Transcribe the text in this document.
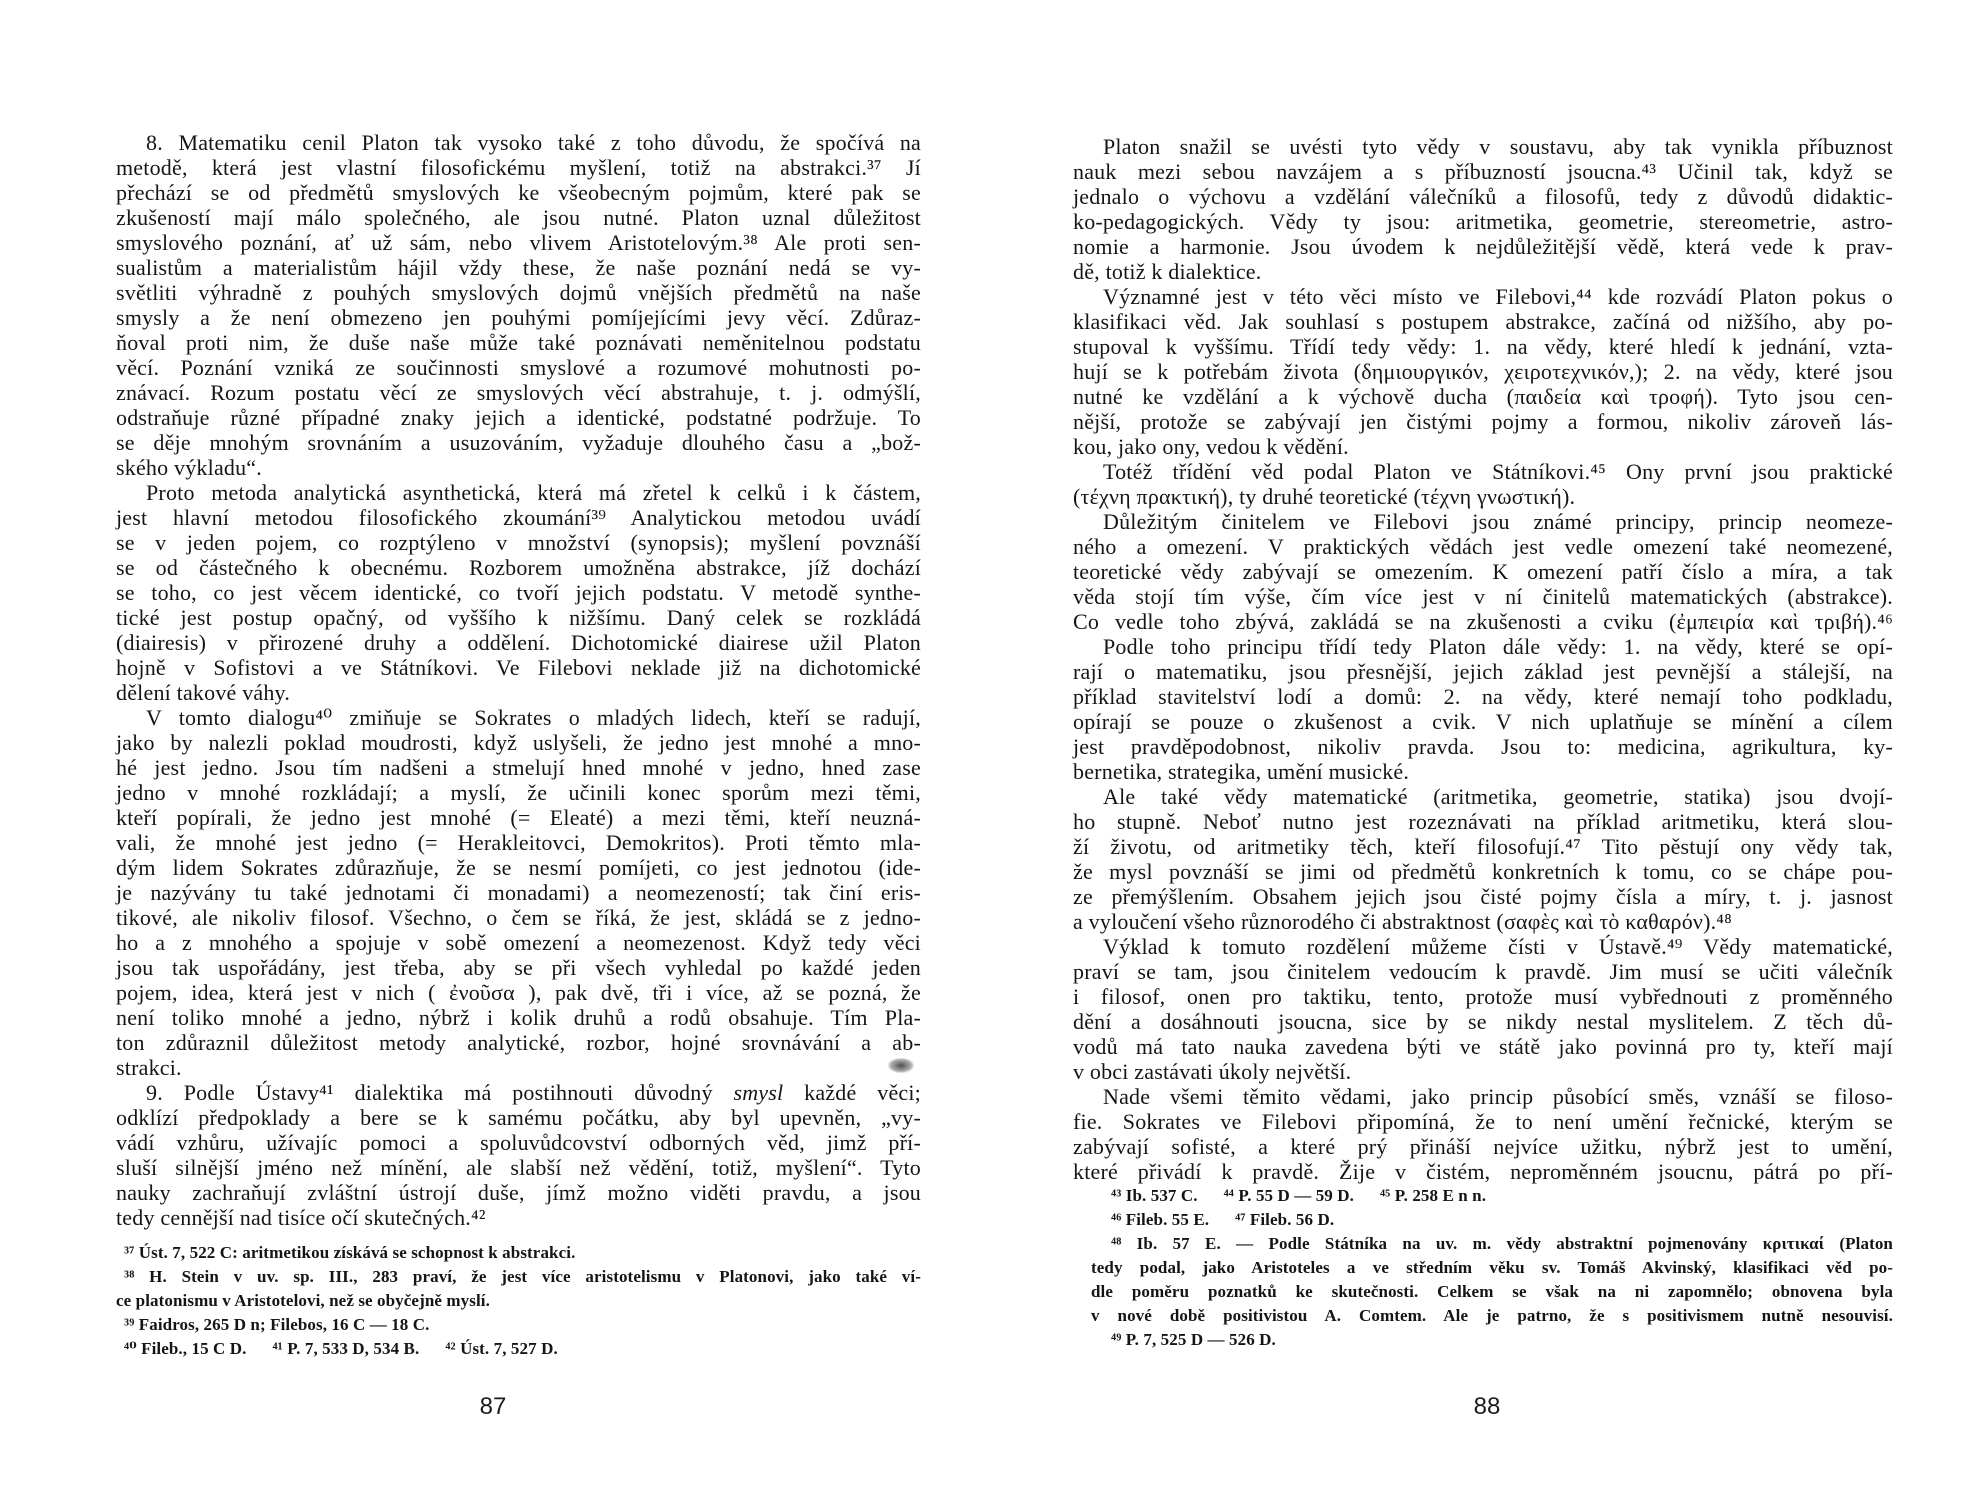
8. Matematiku cenil Platon tak vysoko také z toho důvodu, že spočívá na
metodě, která jest vlastní filosofickému myšlení, totiž na abstrakci.³⁷ Jí
přechází se od předmětů smyslových ke všeobecným pojmům, které pak se
zkušeností mají málo společného, ale jsou nutné. Platon uznal důležitost
smyslového poznání, ať už sám, nebo vlivem Aristotelovým.³⁸ Ale proti sen-
sualistům a materialistům hájil vždy these, že naše poznání nedá se vy-
světliti výhradně z pouhých smyslových dojmů vnějších předmětů na naše
smysly a že není obmezeno jen pouhými pomíjejícími jevy věcí. Zdůraz-
ňoval proti nim, že duše naše může také poznávati neměnitelnou podstatu
věcí. Poznání vzniká ze součinnosti smyslové a rozumové mohutnosti po-
znávací. Rozum postatu věcí ze smyslových věcí abstrahuje, t. j. odmýšlí,
odstraňuje různé případné znaky jejich a identické, podstatné podržuje. To
se děje mnohým srovnáním a usuzováním, vyžaduje dlouhého času a „bož-
ského výkladu“.
Proto metoda analytická asynthetická, která má zřetel k celků i k částem,
jest hlavní metodou filosofického zkoumání³⁹ Analytickou metodou uvádí
se v jeden pojem, co rozptýleno v množství (synopsis); myšlení povznáší
se od částečného k obecnému. Rozborem umožněna abstrakce, jíž dochází
se toho, co jest věcem identické, co tvoří jejich podstatu. V metodě synthe-
tické jest postup opačný, od vyššího k nižšímu. Daný celek se rozkládá
(diairesis) v přirozené druhy a oddělení. Dichotomické diairese užil Platon
hojně v Sofistovi a ve Státníkovi. Ve Filebovi neklade již na dichotomické
dělení takové váhy.
V tomto dialogu⁴⁰ zmiňuje se Sokrates o mladých lidech, kteří se radují,
jako by nalezli poklad moudrosti, když uslyšeli, že jedno jest mnohé a mno-
hé jest jedno. Jsou tím nadšeni a stmelují hned mnohé v jedno, hned zase
jedno v mnohé rozkládají; a myslí, že učinili konec sporům mezi těmi,
kteří popírali, že jedno jest mnohé (= Eleaté) a mezi těmi, kteří neuzná-
vali, že mnohé jest jedno (= Herakleitovci, Demokritos). Proti těmto mla-
dým lidem Sokrates zdůrazňuje, že se nesmí pomíjeti, co jest jednotou (ide-
je nazývány tu také jednotami či monadami) a neomezeností; tak činí eris-
tikové, ale nikoliv filosof. Všechno, o čem se říká, že jest, skládá se z jedno-
ho a z mnohého a spojuje v sobě omezení a neomezenost. Když tedy věci
jsou tak uspořádány, jest třeba, aby se při všech vyhledal po každé jeden
pojem, idea, která jest v nich ( ἐνοῦσα ), pak dvě, tři i více, až se pozná, že
není toliko mnohé a jedno, nýbrž i kolik druhů a rodů obsahuje. Tím Pla-
ton zdůraznil důležitost metody analytické, rozbor, hojné srovnávání a ab-
strakci.
9. Podle Ústavy⁴¹ dialektika má postihnouti důvodný smysl každé věci;
odklízí předpoklady a bere se k samému počátku, aby byl upevněn, „vy-
vádí vzhůru, užívajíc pomoci a spoluvůdcovství odborných věd, jimž pří-
sluší silnější jméno než mínění, ale slabší než vědění, totiž, myšlení“. Tyto
nauky zachraňují zvláštní ústrojí duše, jímž možno viděti pravdu, a jsou
tedy cennější nad tisíce očí skutečných.⁴²
³⁷ Úst. 7, 522 C: aritmetikou získává se schopnost k abstrakci.
³⁸ H. Stein v uv. sp. III., 283 praví, že jest více aristotelismu v Platonovi, jako také ví-
ce platonismu v Aristotelovi, než se obyčejně myslí.
³⁹ Faidros, 265 D n; Filebos, 16 C — 18 C.
⁴⁰ Fileb., 15 C D. ⁴¹ P. 7, 533 D, 534 B. ⁴² Úst. 7, 527 D.
87
Platon snažil se uvésti tyto vědy v soustavu, aby tak vynikla příbuznost
nauk mezi sebou navzájem a s příbuzností jsoucna.⁴³ Učinil tak, když se
jednalo o výchovu a vzdělání válečníků a filosofů, tedy z důvodů didaktic-
ko-pedagogických. Vědy ty jsou: aritmetika, geometrie, stereometrie, astro-
nomie a harmonie. Jsou úvodem k nejdůležitější vědě, která vede k prav-
dě, totiž k dialektice.
Významné jest v této věci místo ve Filebovi,⁴⁴ kde rozvádí Platon pokus o
klasifikaci věd. Jak souhlasí s postupem abstrakce, začíná od nižšího, aby po-
stupoval k vyššímu. Třídí tedy vědy: 1. na vědy, které hledí k jednání, vzta-
hují se k potřebám života (δημιουργικόν, χειροτεχνικόν,); 2. na vědy, které jsou
nutné ke vzdělání a k výchově ducha (παιδεία καὶ τροφή). Tyto jsou cen-
nější, protože se zabývají jen čistými pojmy a formou, nikoliv zároveň lás-
kou, jako ony, vedou k vědění.
Totéž třídění věd podal Platon ve Státníkovi.⁴⁵ Ony první jsou praktické
(τέχνη πρακτική), ty druhé teoretické (τέχνη γνωστική).
Důležitým činitelem ve Filebovi jsou známé principy, princip neomeze-
ného a omezení. V praktických vědách jest vedle omezení také neomezené,
teoretické vědy zabývají se omezením. K omezení patří číslo a míra, a tak
věda stojí tím výše, čím více jest v ní činitelů matematických (abstrakce).
Co vedle toho zbývá, zakládá se na zkušenosti a cviku (ἐμπειρία καὶ τριβή).⁴⁶
Podle toho principu třídí tedy Platon dále vědy: 1. na vědy, které se opí-
rají o matematiku, jsou přesnější, jejich základ jest pevnější a stálejší, na
příklad stavitelství lodí a domů: 2. na vědy, které nemají toho podkladu,
opírají se pouze o zkušenost a cvik. V nich uplatňuje se mínění a cílem
jest pravděpodobnost, nikoliv pravda. Jsou to: medicina, agrikultura, ky-
bernetika, strategika, umění musické.
Ale také vědy matematické (aritmetika, geometrie, statika) jsou dvojí-
ho stupně. Neboť nutno jest rozeznávati na příklad aritmetiku, která slou-
ží životu, od aritmetiky těch, kteří filosofují.⁴⁷ Tito pěstují ony vědy tak,
že mysl povznáší se jimi od předmětů konkretních k tomu, co se chápe pou-
ze přemýšlením. Obsahem jejich jsou čisté pojmy čísla a míry, t. j. jasnost
a vyloučení všeho různorodého či abstraktnost (σαφὲς καὶ τὸ καθαρόν).⁴⁸
Výklad k tomuto rozdělení můžeme čísti v Ústavě.⁴⁹ Vědy matematické,
praví se tam, jsou činitelem vedoucím k pravdě. Jim musí se učiti válečník
i filosof, onen pro taktiku, tento, protože musí vybřednouti z proměnného
dění a dosáhnouti jsoucna, sice by se nikdy nestal myslitelem. Z těch dů-
vodů má tato nauka zavedena býti ve státě jako povinná pro ty, kteří mají
v obci zastávati úkoly největší.
Nade všemi těmito vědami, jako princip působící směs, vznáší se filoso-
fie. Sokrates ve Filebovi připomíná, že to není umění řečnické, kterým se
zabývají sofisté, a které prý přináší nejvíce užitku, nýbrž jest to umění,
které přivádí k pravdě. Žije v čistém, neproměnném jsoucnu, pátrá po pří-
⁴³ Ib. 537 C. ⁴⁴ P. 55 D — 59 D. ⁴⁵ P. 258 E n n.
⁴⁶ Fileb. 55 E. ⁴⁷ Fileb. 56 D.
⁴⁸ Ib. 57 E. — Podle Státníka na uv. m. vědy abstraktní pojmenovány κριτικαί (Platon
tedy podal, jako Aristoteles a ve středním věku sv. Tomáš Akvinský, klasifikaci věd po-
dle poměru poznatků ke skutečnosti. Celkem se však na ni zapomnělo; obnovena byla
v nové době positivistou A. Comtem. Ale je patrno, že s positivismem nutně nesouvisí.
⁴⁹ P. 7, 525 D — 526 D.
88
